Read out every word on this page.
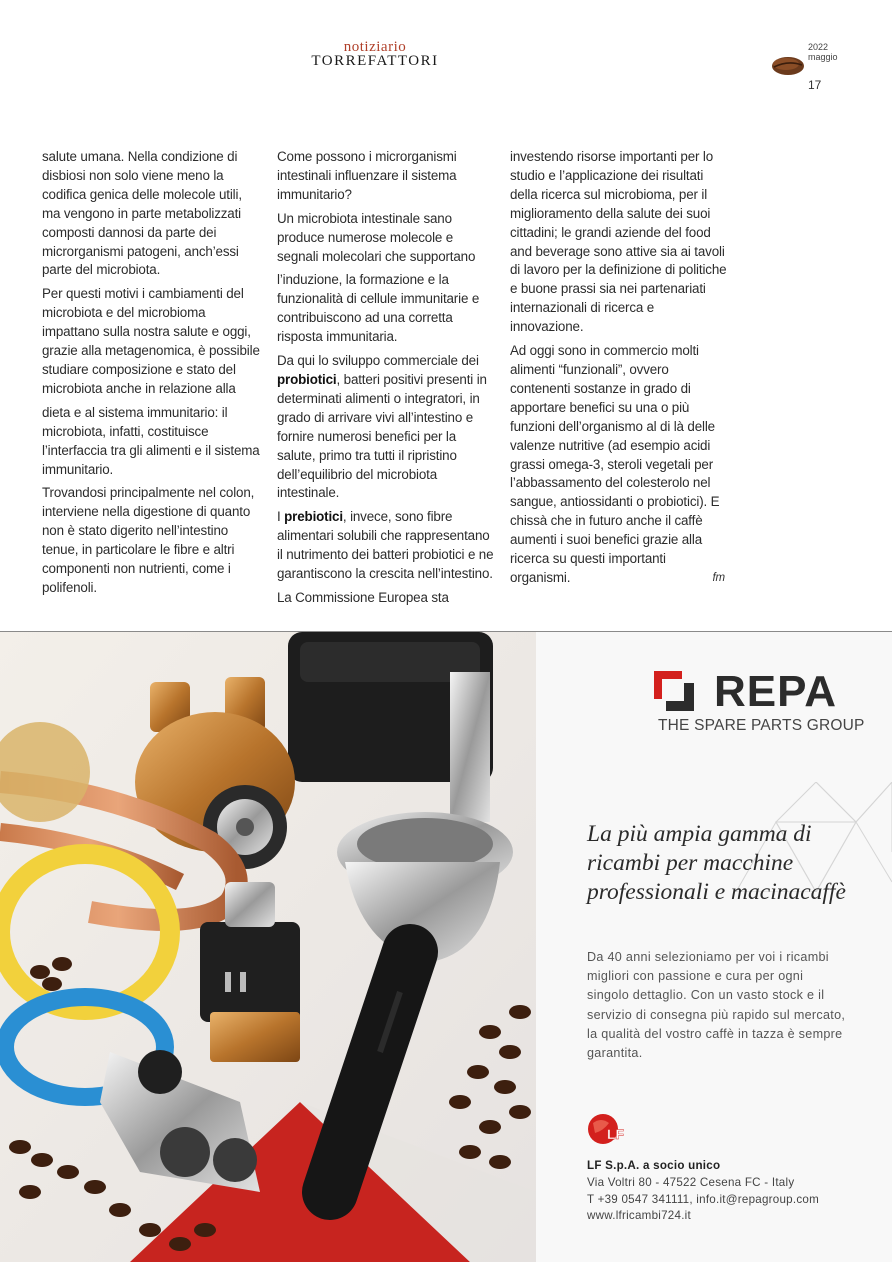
notiziario
TORREFATTORI
2022
maggio
17

salute umana. Nella condizione di disbiosi non solo viene meno la codifica genica delle molecole utili, ma vengono in parte metabolizzati composti dannosi da parte dei microrganismi patogeni, anch’essi parte del microbiota.

Per questi motivi i cambiamenti del microbiota e del microbioma impattano sulla nostra salute e oggi, grazie alla metagenomica, è possibile studiare composizione e stato del microbiota anche in relazione alla

dieta e al sistema immunitario: il microbiota, infatti, costituisce l’interfaccia tra gli alimenti e il sistema immunitario.

Trovandosi principalmente nel colon, interviene nella digestione di quanto non è stato digerito nell’intestino tenue, in particolare le fibre e altri componenti non nutrienti, come i polifenoli.

Come possono i microrganismi intestinali influenzare il sistema immunitario?

Un microbiota intestinale sano produce numerose molecole e segnali molecolari che supportano

l’induzione, la formazione e la funzionalità di cellule immunitarie e contribuiscono ad una corretta risposta immunitaria.

Da qui lo sviluppo commerciale dei probiotici, batteri positivi presenti in determinati alimenti o integratori, in grado di arrivare vivi all’intestino e fornire numerosi benefici per la salute, primo tra tutti il ripristino dell’equilibrio del microbiota intestinale.

I prebiotici, invece, sono fibre alimentari solubili che rappresentano il nutrimento dei batteri probiotici e ne garantiscono la crescita nell’intestino.

La Commissione Europea sta

investendo risorse importanti per lo studio e l’applicazione dei risultati della ricerca sul microbioma, per il miglioramento della salute dei suoi cittadini; le grandi aziende del food and beverage sono attive sia ai tavoli di lavoro per la definizione di politiche e buone prassi sia nei partenariati internazionali di ricerca e innovazione.

Ad oggi sono in commercio molti alimenti “funzionali”, ovvero contenenti sostanze in grado di apportare benefici su una o più funzioni dell’organismo al di là delle valenze nutritive (ad esempio acidi grassi omega-3, steroli vegetali per l’abbassamento del colesterolo nel sangue, antiossidanti o probiotici). E chissà che in futuro anche il caffè aumenti i suoi benefici grazie alla ricerca su questi importanti organismi.	fm

REPA
THE SPARE PARTS GROUP
La più ampia gamma di ricambi per macchine professionali e macinacaffè
Da 40 anni selezioniamo per voi i ricambi migliori con passione e cura per ogni singolo dettaglio. Con un vasto stock e il servizio di consegna più rapido sul mercato, la qualità del vostro caffè in tazza è sempre garantita.
LF
LF S.p.A. a socio unico
Via Voltri 80 - 47522 Cesena FC - Italy
T +39 0547 341111, info.it@repagroup.com
www.lfricambi724.it
